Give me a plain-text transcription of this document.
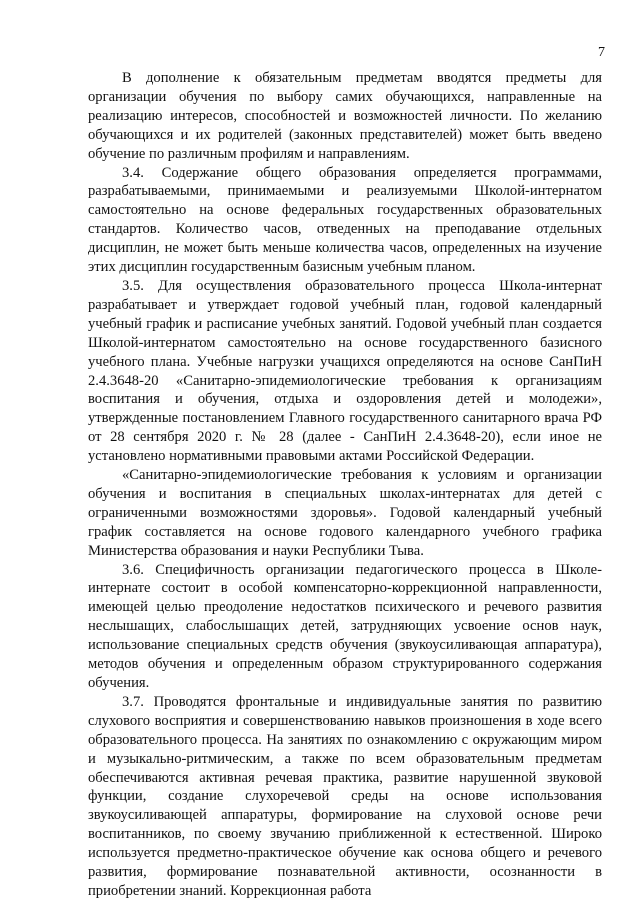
7

В дополнение к обязательным предметам вводятся предметы для организации обучения по выбору самих обучающихся, направленные на реализацию интересов, способностей и возможностей личности. По желанию обучающихся и их родителей (законных представителей) может быть введено обучение по различным профилям и направлениям.

3.4. Содержание общего образования определяется программами, разрабатываемыми, принимаемыми и реализуемыми Школой-интернатом самостоятельно на основе федеральных государственных образовательных стандартов. Количество часов, отведенных на преподавание отдельных дисциплин, не может быть меньше количества часов, определенных на изучение этих дисциплин государственным базисным учебным планом.

3.5. Для осуществления образовательного процесса Школа-интернат разрабатывает и утверждает годовой учебный план, годовой календарный учебный график и расписание учебных занятий. Годовой учебный план создается Школой-интернатом самостоятельно на основе государственного базисного учебного плана. Учебные нагрузки учащихся определяются на основе СанПиН 2.4.3648-20 «Санитарно-эпидемиологические требования к организациям воспитания и обучения, отдыха и оздоровления детей и молодежи», утвержденные постановлением Главного государственного санитарного врача РФ от 28 сентября 2020 г. № 28 (далее - СанПиН 2.4.3648-20), если иное не установлено нормативными правовыми актами Российской Федерации.

«Санитарно-эпидемиологические требования к условиям и организации обучения и воспитания в специальных школах-интернатах для детей с ограниченными возможностями здоровья». Годовой календарный учебный график составляется на основе годового календарного учебного графика Министерства образования и науки Республики Тыва.

3.6. Специфичность организации педагогического процесса в Школе-интернате состоит в особой компенсаторно-коррекционной направленности, имеющей целью преодоление недостатков психического и речевого развития неслышащих, слабослышащих детей, затрудняющих усвоение основ наук, использование специальных средств обучения (звукоусиливающая аппаратура), методов обучения и определенным образом структурированного содержания обучения.

3.7. Проводятся фронтальные и индивидуальные занятия по развитию слухового восприятия и совершенствованию навыков произношения в ходе всего образовательного процесса. На занятиях по ознакомлению с окружающим миром и музыкально-ритмическим, а также по всем образовательным предметам обеспечиваются активная речевая практика, развитие нарушенной звуковой функции, создание слухоречевой среды на основе использования звукоусиливающей аппаратуры, формирование на слуховой основе речи воспитанников, по своему звучанию приближенной к естественной. Широко используется предметно-практическое обучение как основа общего и речевого развития, формирование познавательной активности, осознанности в приобретении знаний. Коррекционная работа
